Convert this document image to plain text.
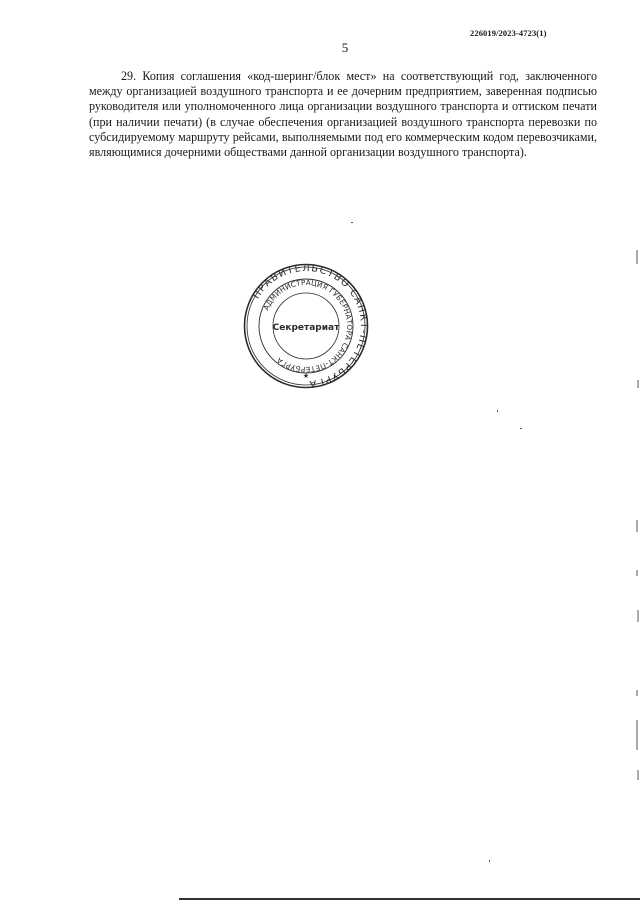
226019/2023-4723(1)
5
29. Копия соглашения «код-шеринг/блок мест» на соответствующий год, заключенного между организацией воздушного транспорта и ее дочерним предприятием, заверенная подписью руководителя или уполномоченного лица организации воздушного транспорта и оттиском печати (при наличии печати) (в случае обеспечения организацией воздушного транспорта перевозки по субсидируемому маршруту рейсами, выполняемыми под его коммерческим кодом перевозчиками, являющимися дочерними обществами данной организации воздушного транспорта).
ПРАВИТЕЛЬСТВО САНКТ-ПЕТЕРБУРГА
АДМИНИСТРАЦИЯ ГУБЕРНАТОРА САНКТ-ПЕТЕРБУРГА
Секретариат
★
